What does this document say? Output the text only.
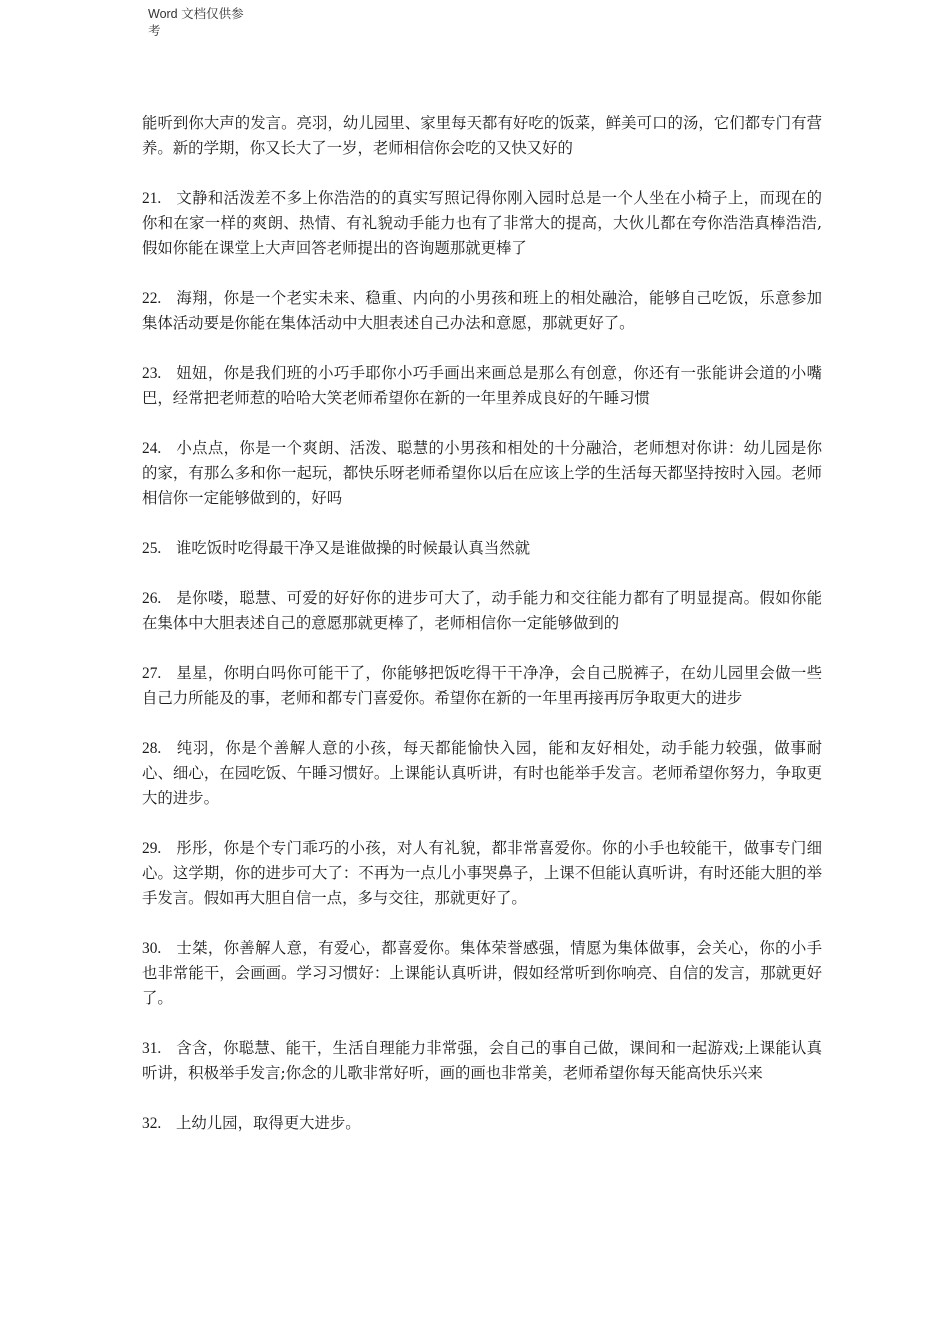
Word 文档仅供参
考

能听到你大声的发言。亮羽，幼儿园里、家里每天都有好吃的饭菜，鲜美可口的汤，它们都专门有营养。新的学期，你又长大了一岁，老师相信你会吃的又快又好的

21. 文静和活泼差不多上你浩浩的的真实写照记得你刚入园时总是一个人坐在小椅子上，而现在的你和在家一样的爽朗、热情、有礼貌动手能力也有了非常大的提高，大伙儿都在夸你浩浩真棒浩浩,假如你能在课堂上大声回答老师提出的咨询题那就更棒了

22. 海翔，你是一个老实未来、稳重、内向的小男孩和班上的相处融洽，能够自己吃饭，乐意参加集体活动要是你能在集体活动中大胆表述自己办法和意愿，那就更好了。

23. 妞妞，你是我们班的小巧手耶你小巧手画出来画总是那么有创意，你还有一张能讲会道的小嘴巴，经常把老师惹的哈哈大笑老师希望你在新的一年里养成良好的午睡习惯

24. 小点点，你是一个爽朗、活泼、聪慧的小男孩和相处的十分融洽，老师想对你讲：幼儿园是你的家，有那么多和你一起玩，都快乐呀老师希望你以后在应该上学的生活每天都坚持按时入园。老师相信你一定能够做到的，好吗

25. 谁吃饭时吃得最干净又是谁做操的时候最认真当然就

26. 是你喽，聪慧、可爱的好好你的进步可大了，动手能力和交往能力都有了明显提高。假如你能在集体中大胆表述自己的意愿那就更棒了，老师相信你一定能够做到的

27. 星星，你明白吗你可能干了，你能够把饭吃得干干净净，会自己脱裤子，在幼儿园里会做一些自己力所能及的事，老师和都专门喜爱你。希望你在新的一年里再接再厉争取更大的进步

28. 纯羽，你是个善解人意的小孩，每天都能愉快入园，能和友好相处，动手能力较强，做事耐心、细心，在园吃饭、午睡习惯好。上课能认真听讲，有时也能举手发言。老师希望你努力，争取更大的进步。

29. 彤彤，你是个专门乖巧的小孩，对人有礼貌，都非常喜爱你。你的小手也较能干，做事专门细心。这学期，你的进步可大了：不再为一点儿小事哭鼻子，上课不但能认真听讲，有时还能大胆的举手发言。假如再大胆自信一点，多与交往，那就更好了。

30. 士桀，你善解人意，有爱心，都喜爱你。集体荣誉感强，情愿为集体做事，会关心，你的小手也非常能干，会画画。学习习惯好：上课能认真听讲，假如经常听到你响亮、自信的发言，那就更好了。

31. 含含，你聪慧、能干，生活自理能力非常强，会自己的事自己做，课间和一起游戏;上课能认真听讲，积极举手发言;你念的儿歌非常好听，画的画也非常美，老师希望你每天能高快乐兴来

32. 上幼儿园，取得更大进步。
